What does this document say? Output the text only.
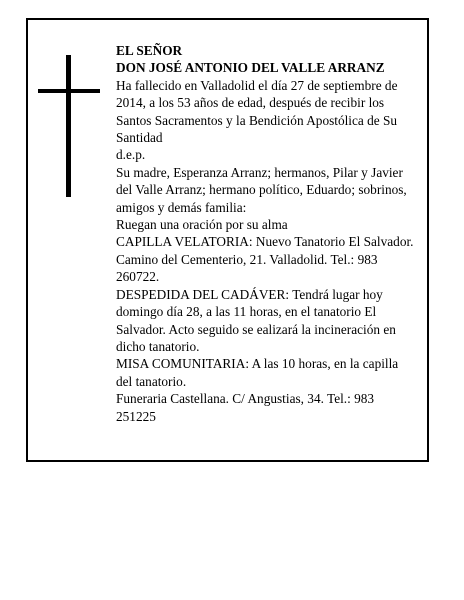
EL SEÑOR

DON JOSÉ ANTONIO DEL VALLE ARRANZ

Ha fallecido en Valladolid el día 27 de septiembre de 2014, a los 53 años de edad, después de recibir los Santos Sacramentos y la Bendición Apostólica de Su Santidad

d.e.p.

Su madre, Esperanza Arranz; hermanos, Pilar y Javier del Valle Arranz; hermano político, Eduardo; sobrinos, amigos y demás familia:

Ruegan una oración por su alma

CAPILLA VELATORIA: Nuevo Tanatorio El Salvador. Camino del Cementerio, 21. Valladolid. Tel.: 983 260722.

DESPEDIDA DEL CADÁVER: Tendrá lugar hoy domingo día 28, a las 11 horas, en el tanatorio El Salvador. Acto seguido se ealizará la incineración en dicho tanatorio.

MISA COMUNITARIA: A las 10 horas, en la capilla del tanatorio.

Funeraria Castellana. C/ Angustias, 34. Tel.: 983 251225
